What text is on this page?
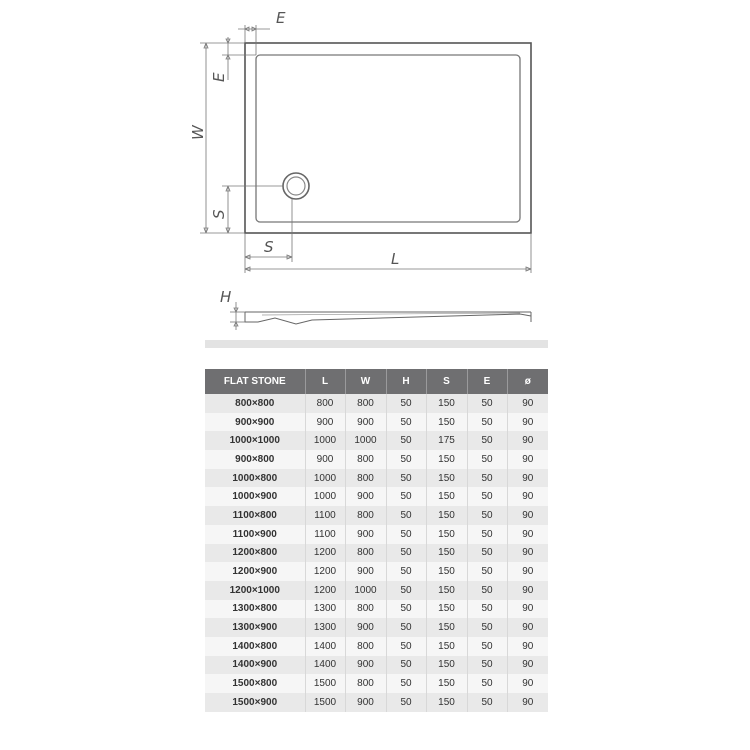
E
W
E
S
S
L
H
FLAT STONE	L	W	H	S	E	ø
800×800	800	800	50	150	50	90
900×900	900	900	50	150	50	90
1000×1000	1000	1000	50	175	50	90
900×800	900	800	50	150	50	90
1000×800	1000	800	50	150	50	90
1000×900	1000	900	50	150	50	90
1100×800	1100	800	50	150	50	90
1100×900	1100	900	50	150	50	90
1200×800	1200	800	50	150	50	90
1200×900	1200	900	50	150	50	90
1200×1000	1200	1000	50	150	50	90
1300×800	1300	800	50	150	50	90
1300×900	1300	900	50	150	50	90
1400×800	1400	800	50	150	50	90
1400×900	1400	900	50	150	50	90
1500×800	1500	800	50	150	50	90
1500×900	1500	900	50	150	50	90
